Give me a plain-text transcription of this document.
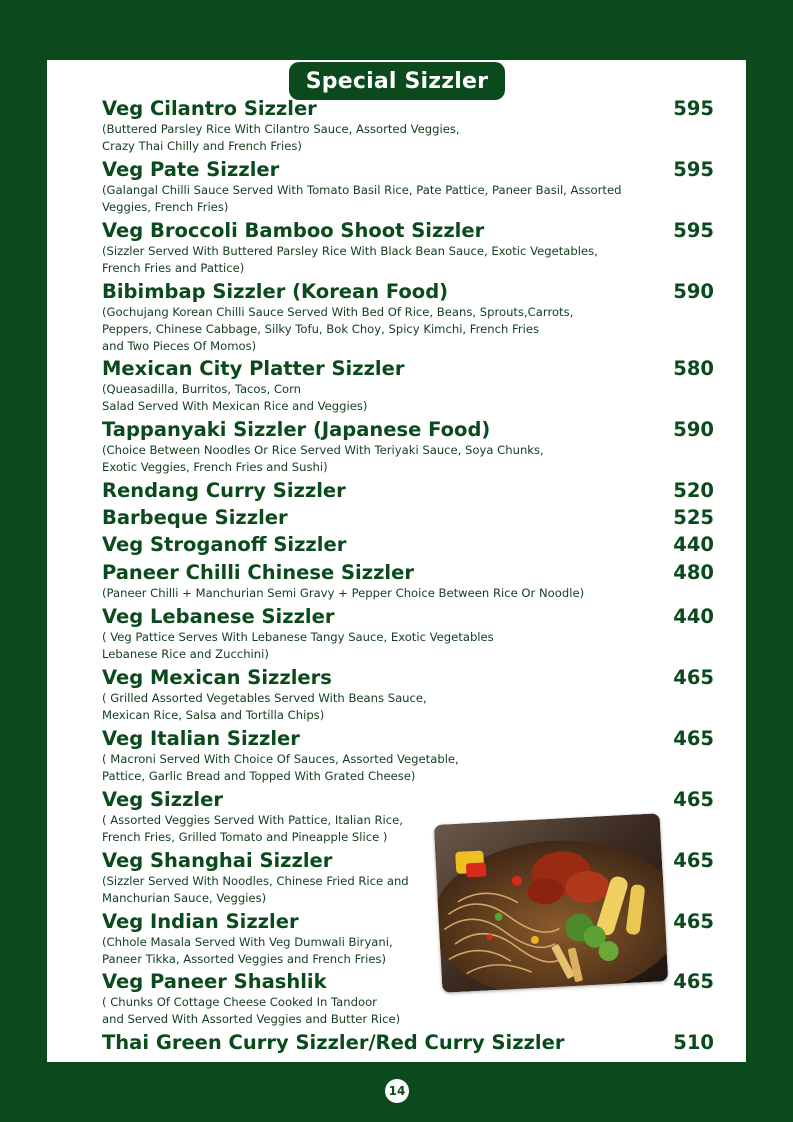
Special Sizzler
Veg Cilantro Sizzler	595
(Buttered Parsley Rice With Cilantro Sauce, Assorted Veggies,
Crazy Thai Chilly and French Fries)
Veg Pate Sizzler	595
(Galangal Chilli Sauce Served With Tomato Basil Rice, Pate Pattice, Paneer Basil, Assorted
Veggies, French Fries)
Veg Broccoli Bamboo Shoot Sizzler	595
(Sizzler Served With Buttered Parsley Rice With Black Bean Sauce, Exotic Vegetables,
French Fries and Pattice)
Bibimbap Sizzler (Korean Food)	590
(Gochujang Korean Chilli Sauce Served With Bed Of Rice, Beans, Sprouts,Carrots,
Peppers, Chinese Cabbage, Silky Tofu, Bok Choy, Spicy Kimchi, French Fries
and Two Pieces Of Momos)
Mexican City Platter Sizzler	580
(Queasadilla, Burritos, Tacos, Corn
Salad Served With Mexican Rice and Veggies)
Tappanyaki Sizzler (Japanese Food)	590
(Choice Between Noodles Or Rice Served With Teriyaki Sauce, Soya Chunks,
Exotic Veggies, French Fries and Sushi)
Rendang Curry Sizzler	520
Barbeque Sizzler	525
Veg Stroganoff Sizzler	440
Paneer Chilli Chinese Sizzler	480
(Paneer Chilli + Manchurian Semi Gravy + Pepper Choice Between Rice Or Noodle)
Veg Lebanese Sizzler	440
( Veg Pattice Serves With Lebanese Tangy Sauce, Exotic Vegetables
Lebanese Rice and Zucchini)
Veg Mexican Sizzlers	465
( Grilled Assorted Vegetables Served With Beans Sauce,
Mexican Rice, Salsa and Tortilla Chips)
Veg Italian Sizzler	465
( Macroni Served With Choice Of Sauces, Assorted Vegetable,
Pattice, Garlic Bread and Topped With Grated Cheese)
Veg Sizzler	465
( Assorted Veggies Served With Pattice, Italian Rice,
French Fries, Grilled Tomato and Pineapple Slice )
Veg Shanghai Sizzler	465
(Sizzler Served With Noodles, Chinese Fried Rice and
Manchurian Sauce, Veggies)
Veg Indian Sizzler	465
(Chhole Masala Served With Veg Dumwali Biryani,
Paneer Tikka, Assorted Veggies and French Fries)
Veg Paneer Shashlik	465
( Chunks Of Cottage Cheese Cooked In Tandoor
and Served With Assorted Veggies and Butter Rice)
Thai Green Curry Sizzler/Red Curry Sizzler	510
14
